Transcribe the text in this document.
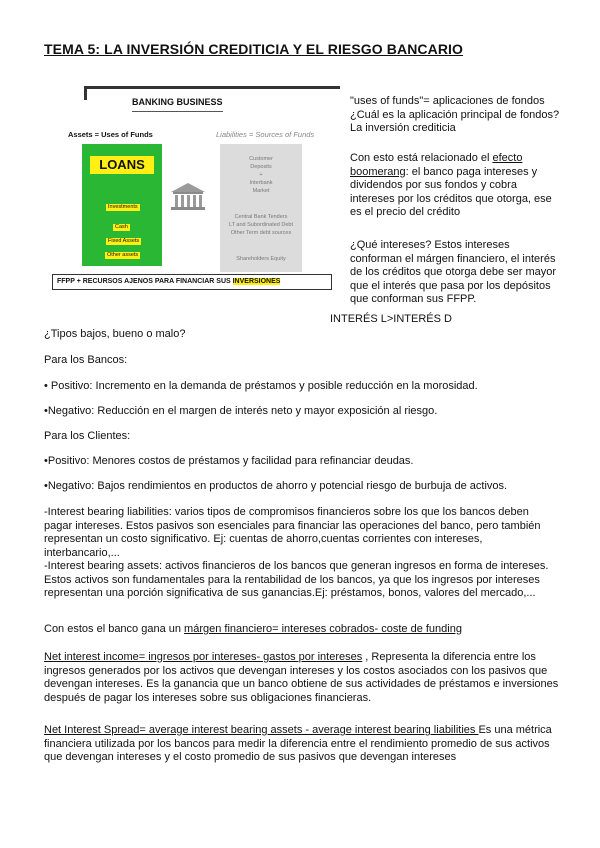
TEMA 5: LA INVERSIÓN CREDITICIA Y EL RIESGO BANCARIO
BANKING BUSINESS
Assets = Uses of Funds	Liabilities = Sources of Funds
LOANS
Investments
Cash
Fixed Assets
Other assets
Customer
Deposits
+
Interbank
Market
Central Bank Tenders
LT and Subordinated Debt
Other Term debt sources
Shareholders Equity
FFPP + RECURSOS AJENOS PARA FINANCIAR SUS INVERSIONES

"uses of funds"= aplicaciones de fondos ¿Cuál es la aplicación principal de fondos? La inversión crediticia

Con esto está relacionado el efecto boomerang: el banco paga intereses y dividendos por sus fondos y cobra intereses por los créditos que otorga, ese es el precio del crédito

¿Qué intereses? Estos intereses conforman el márgen financiero, el interés de los créditos que otorga debe ser mayor que el interés que pasa por los depósitos que conforman sus FFPP.

INTERÉS L>INTERÉS D

¿Tipos bajos, bueno o malo?

Para los Bancos:

• Positivo: Incremento en la demanda de préstamos y posible reducción en la morosidad.

•Negativo: Reducción en el margen de interés neto y mayor exposición al riesgo.

Para los Clientes:

•Positivo: Menores costos de préstamos y facilidad para refinanciar deudas.

•Negativo: Bajos rendimientos en productos de ahorro y potencial riesgo de burbuja de activos.

-Interest bearing liabilities: varios tipos de compromisos financieros sobre los que los bancos deben pagar intereses. Estos pasivos son esenciales para financiar las operaciones del banco, pero también representan un costo significativo. Ej: cuentas de ahorro,cuentas corrientes con intereses, interbancario,...

-Interest bearing assets: activos financieros de los bancos que generan ingresos en forma de intereses. Estos activos son fundamentales para la rentabilidad de los bancos, ya que los ingresos por intereses representan una porción significativa de sus ganancias.Ej: préstamos, bonos, valores del mercado,...

Con estos el banco gana un márgen financiero= intereses cobrados- coste de funding

Net interest income= ingresos por intereses- gastos por intereses , Representa la diferencia entre los ingresos generados por los activos que devengan intereses y los costos asociados con los pasivos que devengan intereses. Es la ganancia que un banco obtiene de sus actividades de préstamos e inversiones después de pagar los intereses sobre sus obligaciones financieras.

Net Interest Spread= average interest bearing assets - average interest bearing liabilities Es una métrica financiera utilizada por los bancos para medir la diferencia entre el rendimiento promedio de sus activos que devengan intereses y el costo promedio de sus pasivos que devengan intereses
